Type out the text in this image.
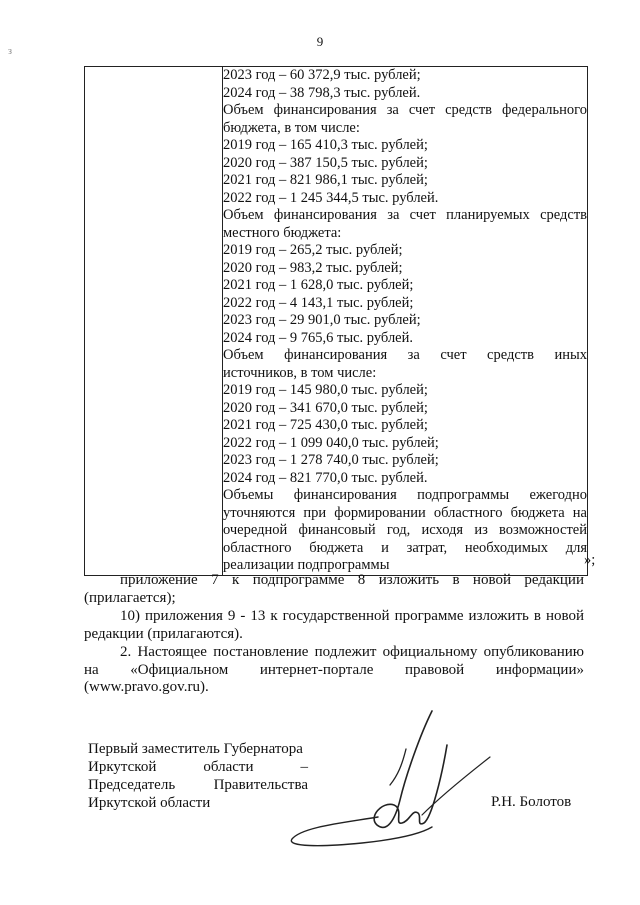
9
з

2023 год – 60 372,9 тыс. рублей;
2024 год – 38 798,3 тыс. рублей.
Объем финансирования за счет средств федерального
бюджета, в том числе:
2019 год – 165 410,3 тыс. рублей;
2020 год – 387 150,5 тыс. рублей;
2021 год – 821 986,1 тыс. рублей;
2022 год – 1 245 344,5 тыс. рублей.
Объем финансирования за счет планируемых средств
местного бюджета:
2019 год – 265,2 тыс. рублей;
2020 год – 983,2 тыс. рублей;
2021 год – 1 628,0 тыс. рублей;
2022 год – 4 143,1 тыс. рублей;
2023 год – 29 901,0 тыс. рублей;
2024 год – 9 765,6 тыс. рублей.
Объем финансирования за счет средств иных
источников, в том числе:
2019 год – 145 980,0 тыс. рублей;
2020 год – 341 670,0 тыс. рублей;
2021 год – 725 430,0 тыс. рублей;
2022 год – 1 099 040,0 тыс. рублей;
2023 год – 1 278 740,0 тыс. рублей;
2024 год – 821 770,0 тыс. рублей.
Объемы финансирования подпрограммы ежегодно
уточняются при формировании областного бюджета на
очередной финансовый год, исходя из возможностей
областного бюджета и затрат, необходимых для
реализации подпрограммы	»;
приложение 7 к подпрограмме 8 изложить в новой редакции
(прилагается);
10) приложения 9 - 13 к государственной программе изложить в новой
редакции (прилагаются).
2. Настоящее постановление подлежит официальному опубликованию
на «Официальном интернет-портале правовой информации»
(www.pravo.gov.ru).
Первый заместитель Губернатора
Иркутской области –
Председатель Правительства
Иркутской области	Р.Н. Болотов
